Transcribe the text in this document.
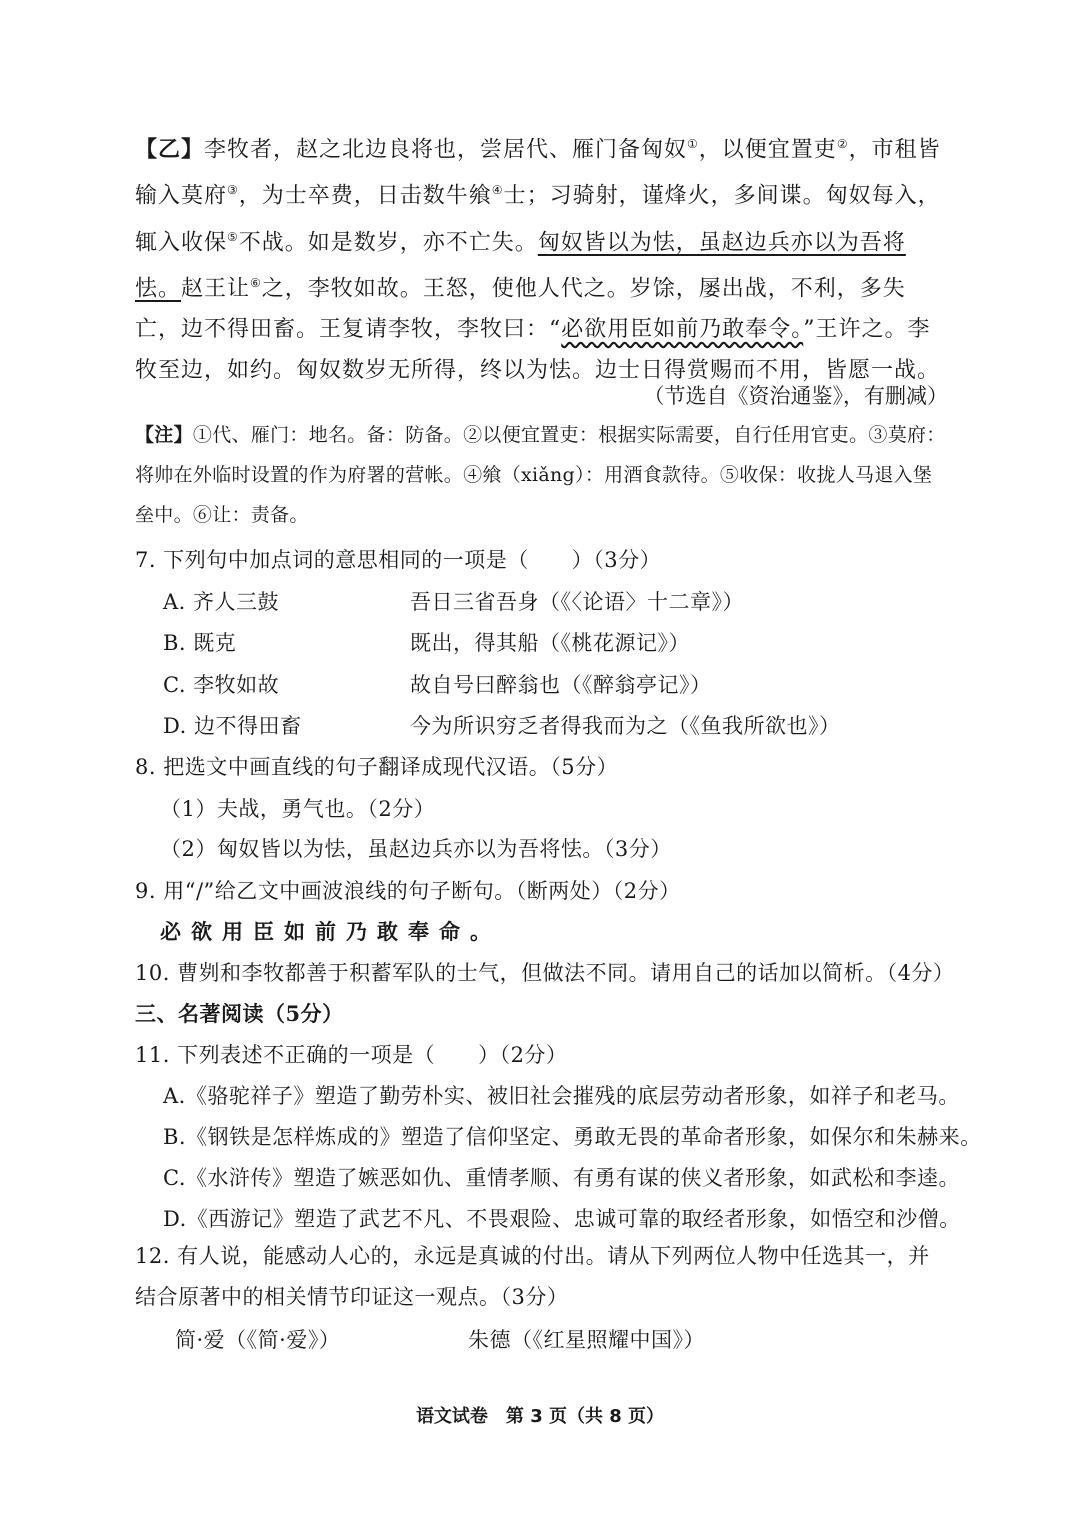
【乙】李牧者，赵之北边良将也，尝居代、雁门备匈奴①，以便宜置吏②，市租皆输入莫府③，为士卒费，日击数牛飨④士；习骑射，谨烽火，多间谍。匈奴每入，辄入收保⑤不战。如是数岁，亦不亡失。匈奴皆以为怯，虽赵边兵亦以为吾将怯。赵王让⑥之，李牧如故。王怒，使他人代之。岁馀，屡出战，不利，多失亡，边不得田畜。王复请李牧，李牧曰：“必欲用臣如前乃敢奉令。”王许之。李牧至边，如约。匈奴数岁无所得，终以为怯。边士日得赏赐而不用，皆愿一战。

（节选自《资治通鉴》，有删减）

【注】①代、雁门：地名。备：防备。②以便宜置吏：根据实际需要，自行任用官吏。③莫府：将帅在外临时设置的作为府署的营帐。④飨（xiǎng）：用酒食款待。⑤收保：收拢人马退入堡垒中。⑥让：责备。

7. 下列句中加点词的意思相同的一项是（　　）（3分）
A. 齐人三鼓	吾日三省吾身（《〈论语〉十二章》）
B. 既克	既出，得其船（《桃花源记》）
C. 李牧如故	故自号曰醉翁也（《醉翁亭记》）
D. 边不得田畜	今为所识穷乏者得我而为之（《鱼我所欲也》）
8. 把选文中画直线的句子翻译成现代汉语。（5分）
（1）夫战，勇气也。（2分）
（2）匈奴皆以为怯，虽赵边兵亦以为吾将怯。（3分）
9. 用“/”给乙文中画波浪线的句子断句。（断两处）（2分）
必欲用臣如前乃敢奉命。
10. 曹刿和李牧都善于积蓄军队的士气，但做法不同。请用自己的话加以简析。（4分）
三、名著阅读（5分）
11. 下列表述不正确的一项是（　　）（2分）
A.《骆驼祥子》塑造了勤劳朴实、被旧社会摧残的底层劳动者形象，如祥子和老马。
B.《钢铁是怎样炼成的》塑造了信仰坚定、勇敢无畏的革命者形象，如保尔和朱赫来。
C.《水浒传》塑造了嫉恶如仇、重情孝顺、有勇有谋的侠义者形象，如武松和李逵。
D.《西游记》塑造了武艺不凡、不畏艰险、忠诚可靠的取经者形象，如悟空和沙僧。

12. 有人说，能感动人心的，永远是真诚的付出。请从下列两位人物中任选其一，并结合原著中的相关情节印证这一观点。（3分）

简·爱（《简·爱》）	朱德（《红星照耀中国》）
语文试卷　第 3 页（共 8 页）
